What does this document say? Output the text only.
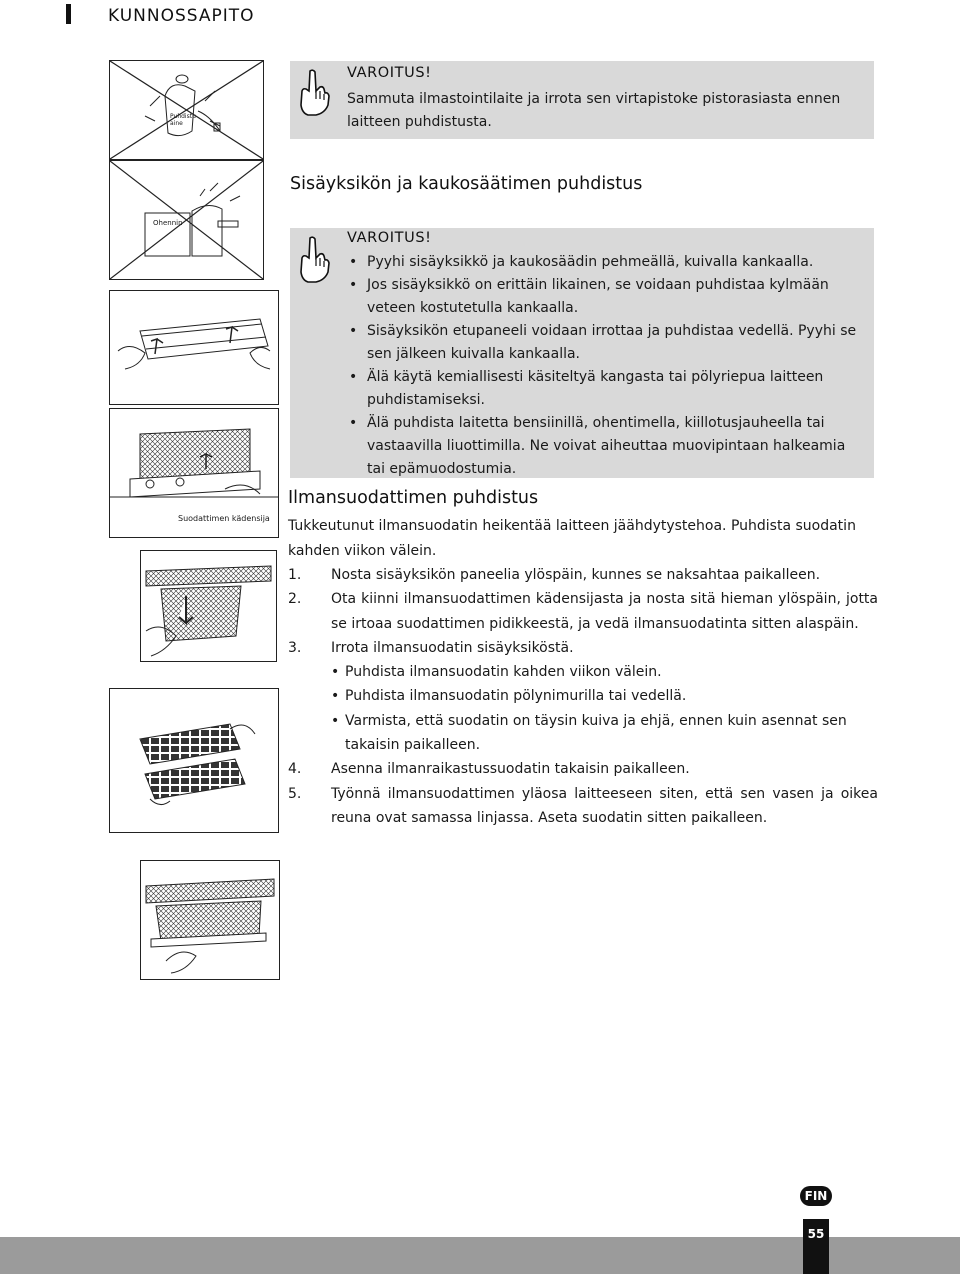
KUNNOSSAPITO
Puhdistu aine
Ohennin
Suodattimen kädensija
VAROITUS!
Sammuta ilmastointilaite ja irrota sen virtapistoke pistorasiasta ennen laitteen puhdistusta.
Sisäyksikön ja kaukosäätimen puhdistus
VAROITUS!
• Pyyhi sisäyksikkö ja kaukosäädin pehmeällä, kuivalla kankaalla.
• Jos sisäyksikkö on erittäin likainen, se voidaan puhdistaa kylmään veteen kostutetulla kankaalla.
• Sisäyksikön etupaneeli voidaan irrottaa ja puhdistaa vedellä. Pyyhi se sen jälkeen kuivalla kankaalla.
• Älä käytä kemiallisesti käsiteltyä kangasta tai pölyriepua laitteen puhdistamiseksi.
• Älä puhdista laitetta bensiinillä, ohentimella, kiillotusjauheella tai vastaavilla liuottimilla. Ne voivat aiheuttaa muovipintaan halkeamia tai epämuodostumia.
Ilmansuodattimen puhdistus
Tukkeutunut ilmansuodatin heikentää laitteen jäähdytystehoa. Puhdista suodatin kahden viikon välein.
1. Nosta sisäyksikön paneelia ylöspäin, kunnes se naksahtaa paikalleen.
2. Ota kiinni ilmansuodattimen kädensijasta ja nosta sitä hieman ylöspäin, jotta se irtoaa suodattimen pidikkeestä, ja vedä ilmansuodatinta sitten alaspäin.
3. Irrota ilmansuodatin sisäyksiköstä.
• Puhdista ilmansuodatin kahden viikon välein.
• Puhdista ilmansuodatin pölynimurilla tai vedellä.
• Varmista, että suodatin on täysin kuiva ja ehjä, ennen kuin asennat sen
takaisin paikalleen.
4. Asenna ilmanraikastussuodatin takaisin paikalleen.
5. Työnnä ilmansuodattimen yläosa laitteeseen siten, että sen vasen ja oikea reuna ovat samassa linjassa. Aseta suodatin sitten paikalleen.
FIN
55
